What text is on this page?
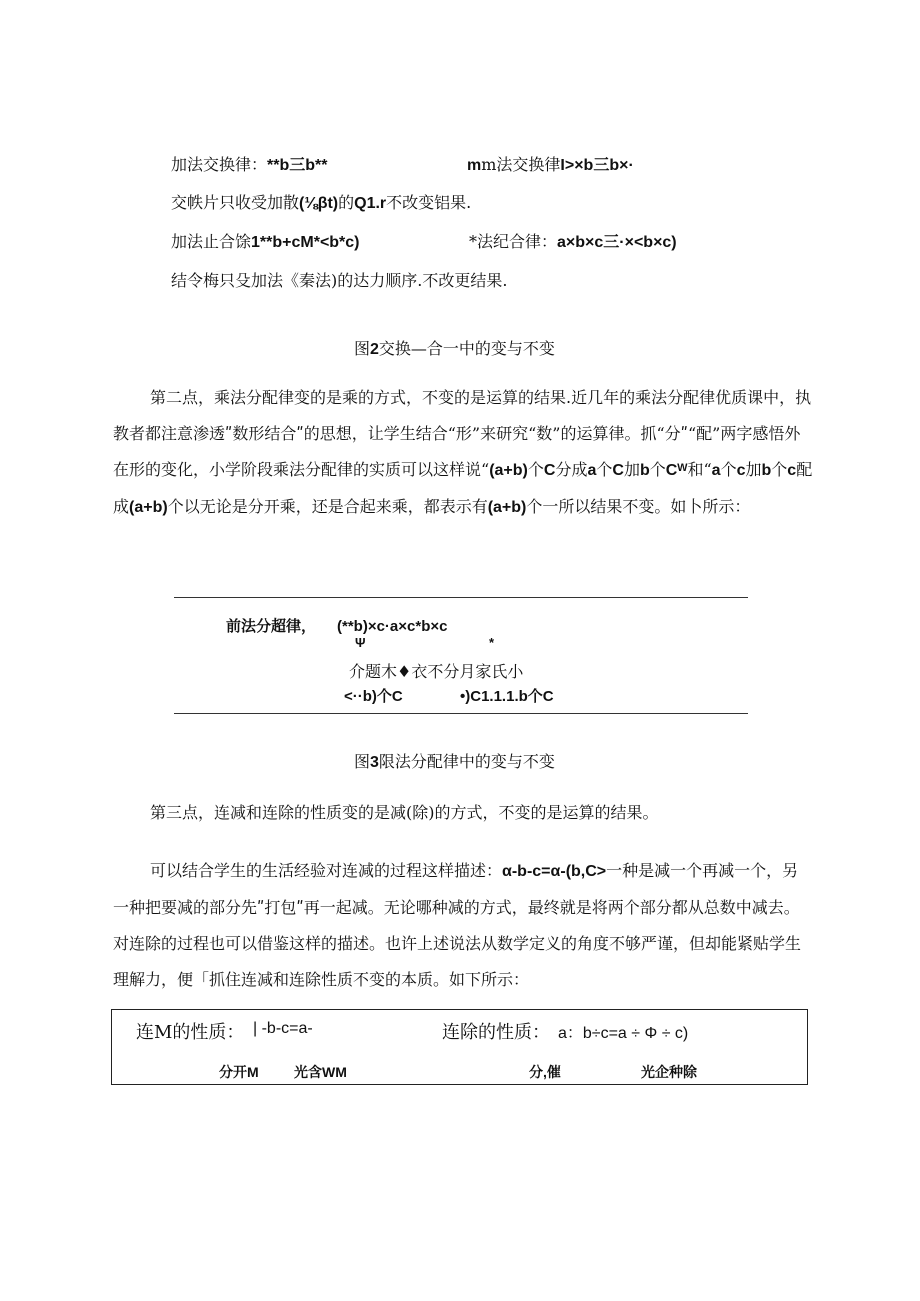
加法交换律：**b三b**	mm法交换律I>×b三b×·
交帙片只收受加散(⅛βt)的Q1.r不改变铝果.
加法止合馀1**b+cM*<b*c)	*法纪合律：a×b×c三·×<b×c)
结令梅只殳加法《秦法)的达力顺序.不改更结果.
图2交换—合一中的变与不变

第二点，乘法分配律变的是乘的方式，不变的是运算的结果.近几年的乘法分配律优质课中，执教者都注意渗透ʺ数形结合ʺ的思想，让学生结合“形”来研究“数”的运算律。抓“分ʺ“配”两字感悟外在形的变化，小学阶段乘法分配律的实质可以这样说“(a+b)个C分成a个C加b个Cᵂ和“a个c加b个c配成(a+b)个以无论是分开乘，还是合起来乘，都表示有(a+b)个一所以结果不变。如卜所示：

前法分超律， (**b)×c·a×c*b×c
Ψ	*
介题木♦衣不分月家氏小
<··b)个C	•)C1.1.1.b个C
图3限法分配律中的变与不变
第三点，连减和连除的性质变的是减(除)的方式，不变的是运算的结果。

可以结合学生的生活经验对连减的过程这样描述：α-b-c=α-(b,C>一种是减一个再减一个，另一种把要减的部分先ʺ打包ʺ再一起减。无论哪种减的方式，最终就是将两个部分都从总数中减去。对连除的过程也可以借鉴这样的描述。也许上述说法从数学定义的角度不够严谨，但却能紧贴学生理解力，便「抓住连减和连除性质不变的本质。如下所示：

连M的性质： | -b-c=a-	连除的性质： a：b÷c=a ÷ Φ ÷ c)
分开M	光含WM	分,催	光企种除
